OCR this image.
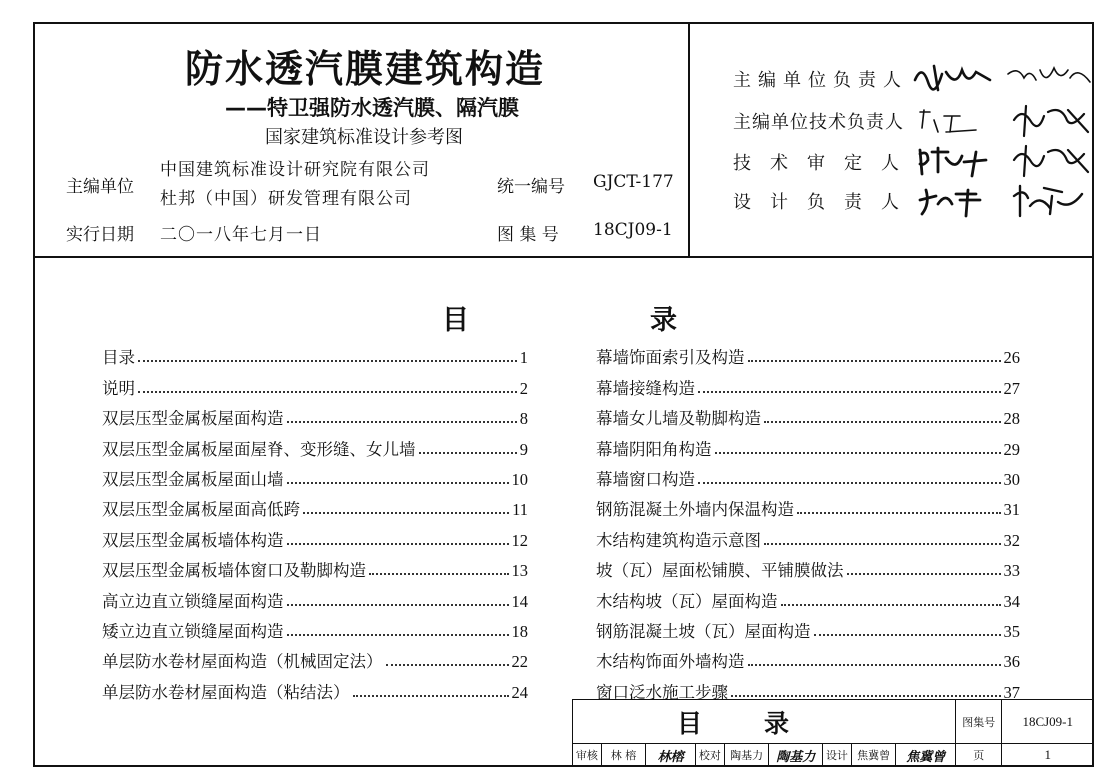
防水透汽膜建筑构造
——特卫强防水透汽膜、隔汽膜
国家建筑标准设计参考图
主编单位
中国建筑标准设计研究院有限公司
杜邦（中国）研发管理有限公司
实行日期 二〇一八年七月一日
统一编号 GJCT-177
图 集 号 18CJ09-1
主编单位负责人
主编单位技术负责人
技术审定人
设计负责人
目	录
目录	1
说明	2
双层压型金属板屋面构造	8
双层压型金属板屋面屋脊、变形缝、女儿墙	9
双层压型金属板屋面山墙	10
双层压型金属板屋面高低跨	11
双层压型金属板墙体构造	12
双层压型金属板墙体窗口及勒脚构造	13
高立边直立锁缝屋面构造	14
矮立边直立锁缝屋面构造	18
单层防水卷材屋面构造（机械固定法）	22
单层防水卷材屋面构造（粘结法）	24
幕墙饰面索引及构造	26
幕墙接缝构造	27
幕墙女儿墙及勒脚构造	28
幕墙阴阳角构造	29
幕墙窗口构造	30
钢筋混凝土外墙内保温构造	31
木结构建筑构造示意图	32
坡（瓦）屋面松铺膜、平铺膜做法	33
木结构坡（瓦）屋面构造	34
钢筋混凝土坡（瓦）屋面构造	35
木结构饰面外墙构造	36
窗口泛水施工步骤	37
目录									图集号	18CJ09-1
审核	林 榕	林榕	校对	陶基力	陶基力	设计	焦冀曾	焦冀曾	页	1
